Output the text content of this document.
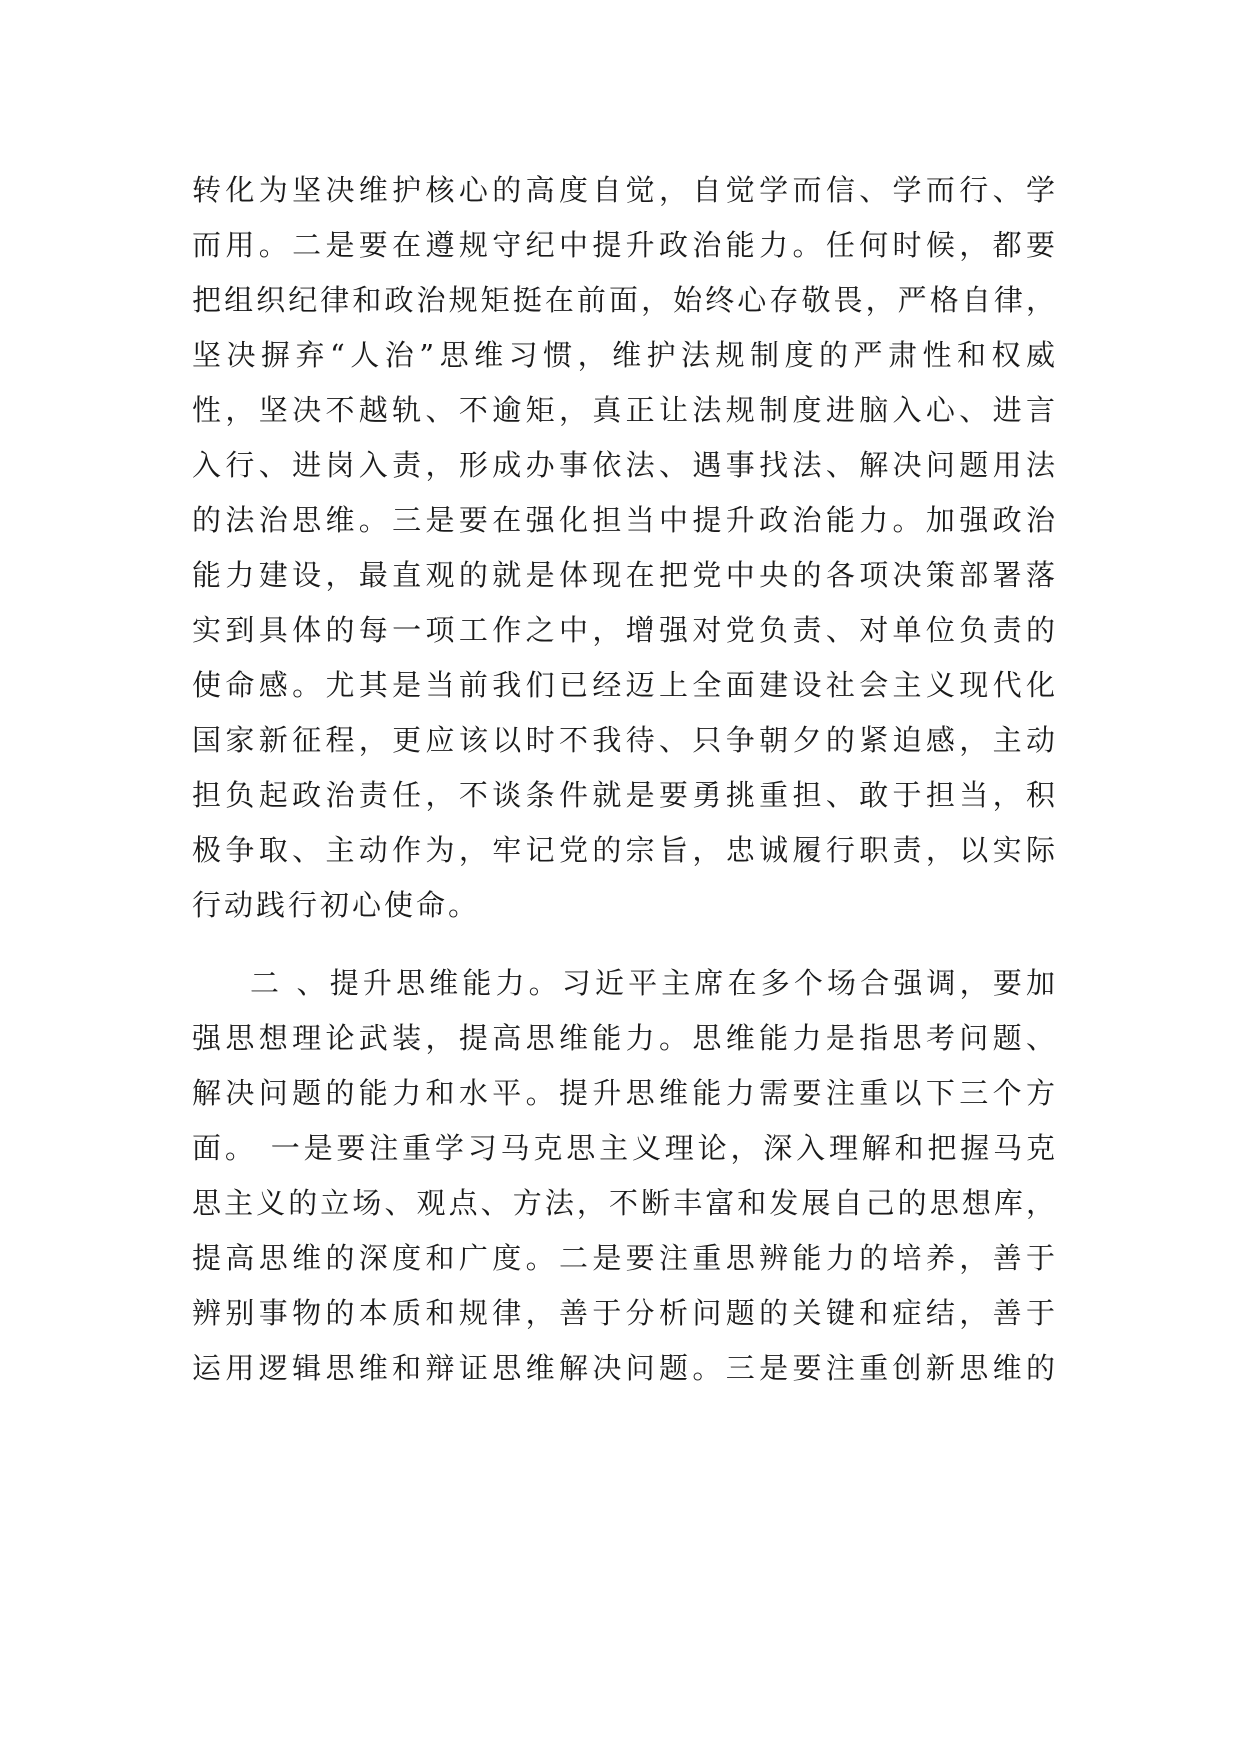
转化为坚决维护核心的高度自觉，自觉学而信、学而行、学
而用。二是要在遵规守纪中提升政治能力。任何时候，都要
把组织纪律和政治规矩挺在前面，始终心存敬畏，严格自律，
坚决摒弃“人治”思维习惯，维护法规制度的严肃性和权威
性，坚决不越轨、不逾矩，真正让法规制度进脑入心、进言
入行、进岗入责，形成办事依法、遇事找法、解决问题用法
的法治思维。三是要在强化担当中提升政治能力。加强政治
能力建设，最直观的就是体现在把党中央的各项决策部署落
实到具体的每一项工作之中，增强对党负责、对单位负责的
使命感。尤其是当前我们已经迈上全面建设社会主义现代化
国家新征程，更应该以时不我待、只争朝夕的紧迫感，主动
担负起政治责任，不谈条件就是要勇挑重担、敢于担当，积
极争取、主动作为，牢记党的宗旨，忠诚履行职责，以实际
行动践行初心使命。
二 、提升思维能力。习近平主席在多个场合强调，要加
强思想理论武装，提高思维能力。思维能力是指思考问题、
解决问题的能力和水平。提升思维能力需要注重以下三个方
面。 一是要注重学习马克思主义理论，深入理解和把握马克
思主义的立场、观点、方法，不断丰富和发展自己的思想库，
提高思维的深度和广度。二是要注重思辨能力的培养，善于
辨别事物的本质和规律，善于分析问题的关键和症结，善于
运用逻辑思维和辩证思维解决问题。三是要注重创新思维的
